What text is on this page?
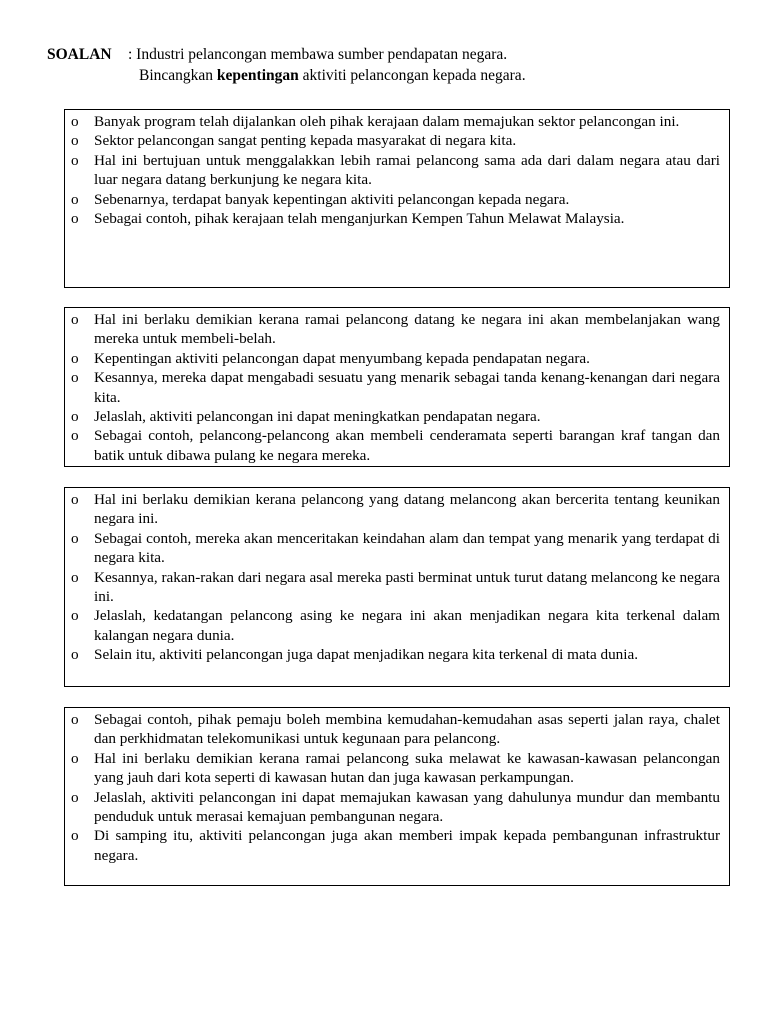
SOALAN	: Industri pelancongan membawa sumber pendapatan negara.
Bincangkan kepentingan aktiviti pelancongan kepada negara.
o Banyak program telah dijalankan oleh pihak kerajaan dalam memajukan sektor pelancongan ini.
o Sektor pelancongan sangat penting kepada masyarakat di negara kita.
o Hal ini bertujuan untuk menggalakkan lebih ramai pelancong sama ada dari dalam negara atau dari luar negara datang berkunjung ke negara kita.
o Sebenarnya, terdapat banyak kepentingan aktiviti pelancongan kepada negara.
o Sebagai contoh, pihak kerajaan telah menganjurkan Kempen Tahun Melawat Malaysia.
o Hal ini berlaku demikian kerana ramai pelancong datang ke negara ini akan membelanjakan wang mereka untuk membeli-belah.
o Kepentingan aktiviti pelancongan dapat menyumbang kepada pendapatan negara.
o Kesannya, mereka dapat mengabadi sesuatu yang menarik sebagai tanda kenang-kenangan dari negara kita.
o Jelaslah, aktiviti pelancongan ini dapat meningkatkan pendapatan negara.
o Sebagai contoh, pelancong-pelancong akan membeli cenderamata seperti barangan kraf tangan dan batik untuk dibawa pulang ke negara mereka.
o Hal ini berlaku demikian kerana pelancong yang datang melancong akan bercerita tentang keunikan negara ini.
o Sebagai contoh, mereka akan menceritakan keindahan alam dan tempat yang menarik yang terdapat di negara kita.
o Kesannya, rakan-rakan dari negara asal mereka pasti berminat untuk turut datang melancong ke negara ini.
o Jelaslah, kedatangan pelancong asing ke negara ini akan menjadikan negara kita terkenal dalam kalangan negara dunia.
o Selain itu, aktiviti pelancongan juga dapat menjadikan negara kita terkenal di mata dunia.
o Sebagai contoh, pihak pemaju boleh membina kemudahan-kemudahan asas seperti jalan raya, chalet dan perkhidmatan telekomunikasi untuk kegunaan para pelancong.
o Hal ini berlaku demikian kerana ramai pelancong suka melawat ke kawasan-kawasan pelancongan yang jauh dari kota seperti di kawasan hutan dan juga kawasan perkampungan.
o Jelaslah, aktiviti pelancongan ini dapat memajukan kawasan yang dahulunya mundur dan membantu penduduk untuk merasai kemajuan pembangunan negara.
o Di samping itu, aktiviti pelancongan juga akan memberi impak kepada pembangunan infrastruktur negara.
